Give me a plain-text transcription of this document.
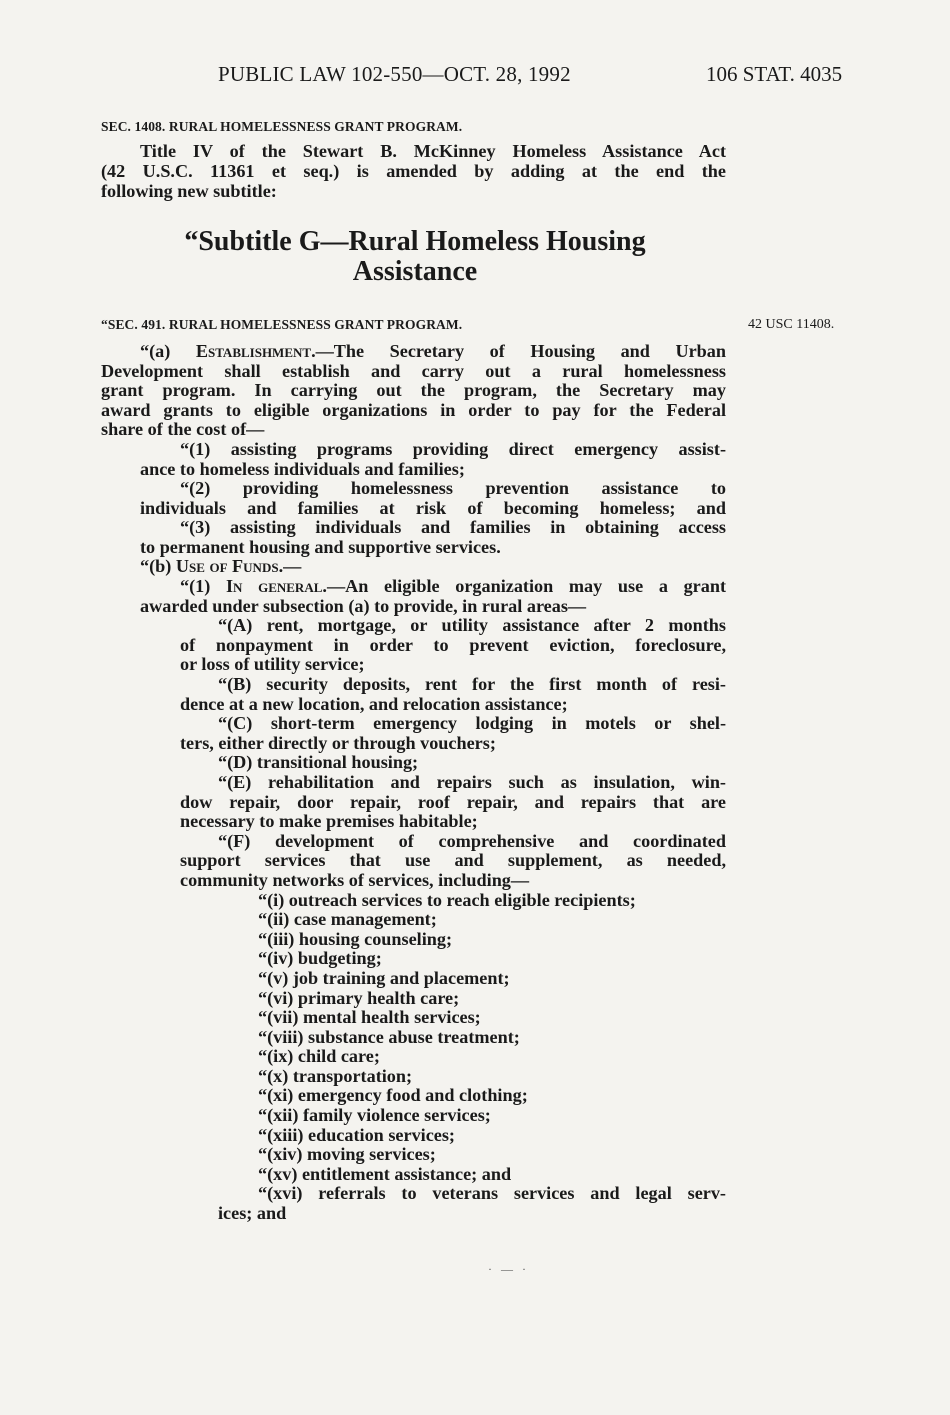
PUBLIC LAW 102-550—OCT. 28, 1992	106 STAT. 4035
SEC. 1408. RURAL HOMELESSNESS GRANT PROGRAM.
Title IV of the Stewart B. McKinney Homeless Assistance Act
(42 U.S.C. 11361 et seq.) is amended by adding at the end the
following new subtitle:
“Subtitle G—Rural Homeless Housing
Assistance
“SEC. 491. RURAL HOMELESSNESS GRANT PROGRAM.	42 USC 11408.
“(a) Establishment.—The Secretary of Housing and Urban
Development shall establish and carry out a rural homelessness
grant program. In carrying out the program, the Secretary may
award grants to eligible organizations in order to pay for the Federal
share of the cost of—
“(1) assisting programs providing direct emergency assist-
ance to homeless individuals and families;
“(2) providing homelessness prevention assistance to
individuals and families at risk of becoming homeless; and
“(3) assisting individuals and families in obtaining access
to permanent housing and supportive services.
“(b) Use of Funds.—
“(1) In general.—An eligible organization may use a grant
awarded under subsection (a) to provide, in rural areas—
“(A) rent, mortgage, or utility assistance after 2 months
of nonpayment in order to prevent eviction, foreclosure,
or loss of utility service;
“(B) security deposits, rent for the first month of resi-
dence at a new location, and relocation assistance;
“(C) short-term emergency lodging in motels or shel-
ters, either directly or through vouchers;
“(D) transitional housing;
“(E) rehabilitation and repairs such as insulation, win-
dow repair, door repair, roof repair, and repairs that are
necessary to make premises habitable;
“(F) development of comprehensive and coordinated
support services that use and supplement, as needed,
community networks of services, including—
“(i) outreach services to reach eligible recipients;
“(ii) case management;
“(iii) housing counseling;
“(iv) budgeting;
“(v) job training and placement;
“(vi) primary health care;
“(vii) mental health services;
“(viii) substance abuse treatment;
“(ix) child care;
“(x) transportation;
“(xi) emergency food and clothing;
“(xii) family violence services;
“(xiii) education services;
“(xiv) moving services;
“(xv) entitlement assistance; and
“(xvi) referrals to veterans services and legal serv-
ices; and
· — ·
